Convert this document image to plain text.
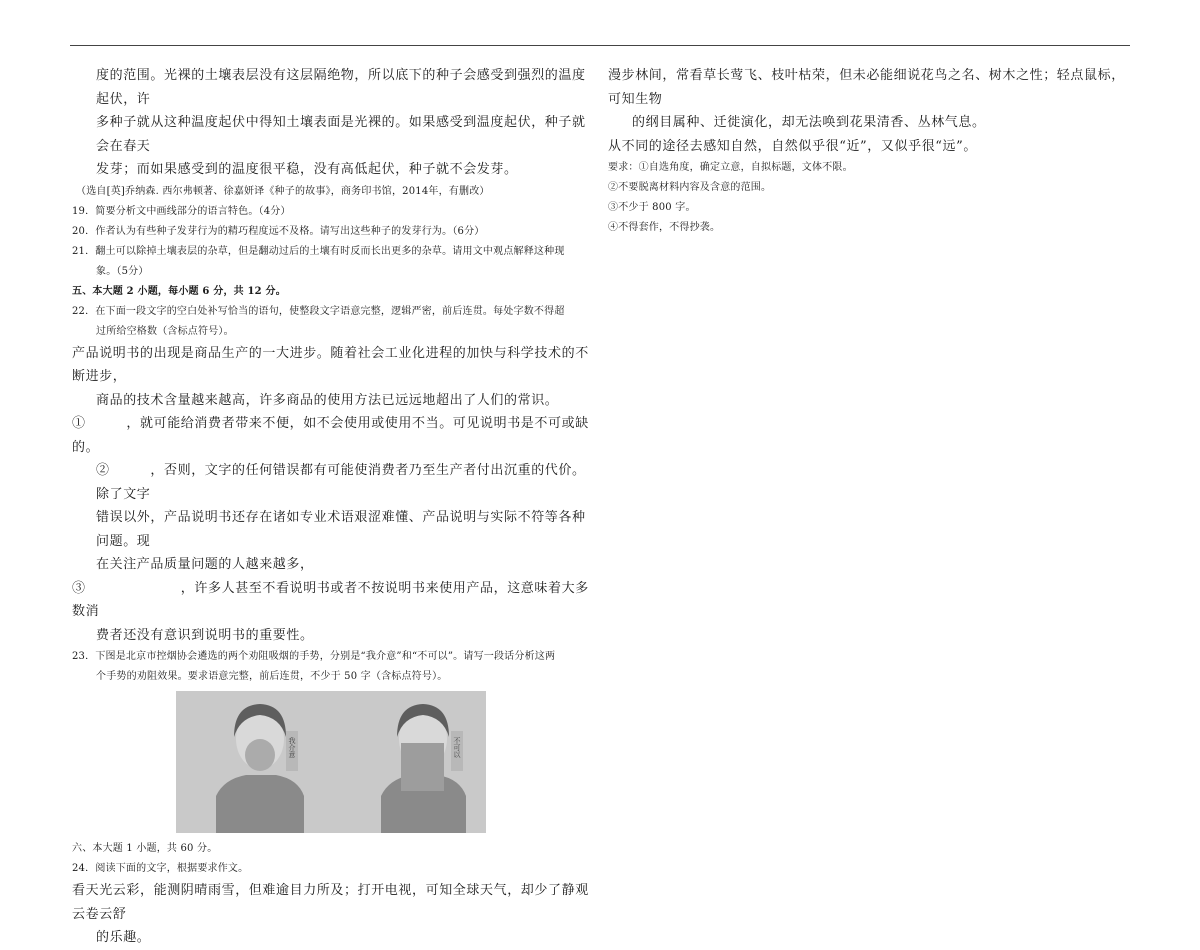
度的范围。光裸的土壤表层没有这层隔绝物，所以底下的种子会感受到强烈的温度起伏，许

多种子就从这种温度起伏中得知土壤表面是光裸的。如果感受到温度起伏，种子就会在春天

发芽；而如果感受到的温度很平稳，没有高低起伏，种子就不会发芽。

（选自[英]乔纳森. 西尔弗顿著、徐嘉妍译《种子的故事》，商务印书馆，2014年，有删改）

19．简要分析文中画线部分的语言特色。（4分）

20．作者认为有些种子发芽行为的精巧程度远不及格。请写出这些种子的发芽行为。（6分）

21．翻土可以除掉土壤表层的杂草，但是翻动过后的土壤有时反而长出更多的杂草。请用文中观点解释这种现

象。（5分）

五、本大题 2 小题，每小题 6 分，共 12 分。

22．在下面一段文字的空白处补写恰当的语句，使整段文字语意完整，逻辑严密，前后连贯。每处字数不得超

过所给空格数（含标点符号）。

产品说明书的出现是商品生产的一大进步。随着社会工业化进程的加快与科学技术的不断进步，

商品的技术含量越来越高，许多商品的使用方法已远远地超出了人们的常识。

①　　　，就可能给消费者带来不便，如不会使用或使用不当。可见说明书是不可或缺的。

②　　　，否则，文字的任何错误都有可能使消费者乃至生产者付出沉重的代价。除了文字

错误以外，产品说明书还存在诸如专业术语艰涩难懂、产品说明与实际不符等各种问题。现

在关注产品质量问题的人越来越多，

③　　　　　　　，许多人甚至不看说明书或者不按说明书来使用产品，这意味着大多数消

费者还没有意识到说明书的重要性。

23．下图是北京市控烟协会遴选的两个劝阻吸烟的手势，分别是“我介意”和“不可以”。请写一段话分析这两

个手势的劝阻效果。要求语意完整，前后连贯，不少于 50 字（含标点符号）。

我介意	不可以

六、本大题 1 小题，共 60 分。

24．阅读下面的文字，根据要求作文。

看天光云彩，能测阴晴雨雪，但难逾目力所及；打开电视，可知全球天气，却少了静观云卷云舒

的乐趣。

漫步林间，常看草长莺飞、枝叶枯荣，但未必能细说花鸟之名、树木之性；轻点鼠标，可知生物

的纲目属种、迁徙演化，却无法唤到花果清香、丛林气息。

从不同的途径去感知自然，自然似乎很“近”，又似乎很“远”。

要求：①自选角度，确定立意，自拟标题，文体不限。

②不要脱离材料内容及含意的范围。

③不少于 800 字。

④不得套作，不得抄袭。
